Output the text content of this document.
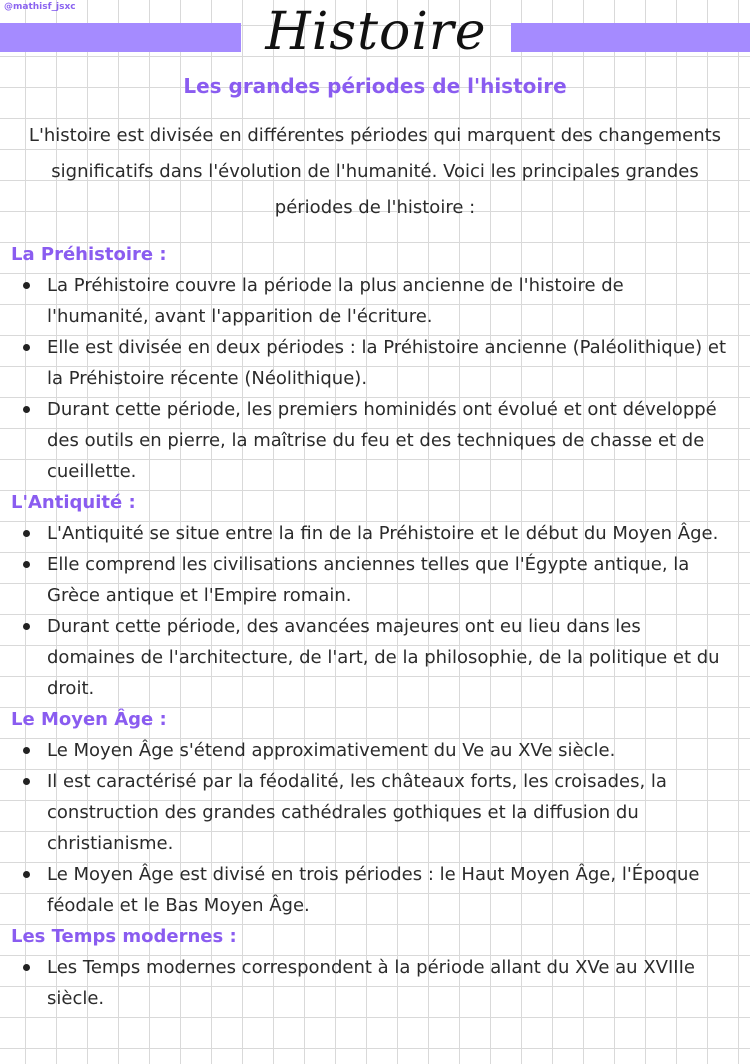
@mathisf_jsxc	Histoire
Les grandes périodes de l'histoire
L'histoire est divisée en différentes périodes qui marquent des changements significatifs dans l'évolution de l'humanité. Voici les principales grandes périodes de l'histoire :
La Préhistoire :
La Préhistoire couvre la période la plus ancienne de l'histoire de l'humanité, avant l'apparition de l'écriture.
Elle est divisée en deux périodes : la Préhistoire ancienne (Paléolithique) et la Préhistoire récente (Néolithique).
Durant cette période, les premiers hominidés ont évolué et ont développé des outils en pierre, la maîtrise du feu et des techniques de chasse et de cueillette.
L'Antiquité :
L'Antiquité se situe entre la fin de la Préhistoire et le début du Moyen Âge.
Elle comprend les civilisations anciennes telles que l'Égypte antique, la Grèce antique et l'Empire romain.
Durant cette période, des avancées majeures ont eu lieu dans les domaines de l'architecture, de l'art, de la philosophie, de la politique et du droit.
Le Moyen Âge :
Le Moyen Âge s'étend approximativement du Ve au XVe siècle.
Il est caractérisé par la féodalité, les châteaux forts, les croisades, la construction des grandes cathédrales gothiques et la diffusion du christianisme.
Le Moyen Âge est divisé en trois périodes : le Haut Moyen Âge, l'Époque féodale et le Bas Moyen Âge.
Les Temps modernes :
Les Temps modernes correspondent à la période allant du XVe au XVIIIe siècle.
